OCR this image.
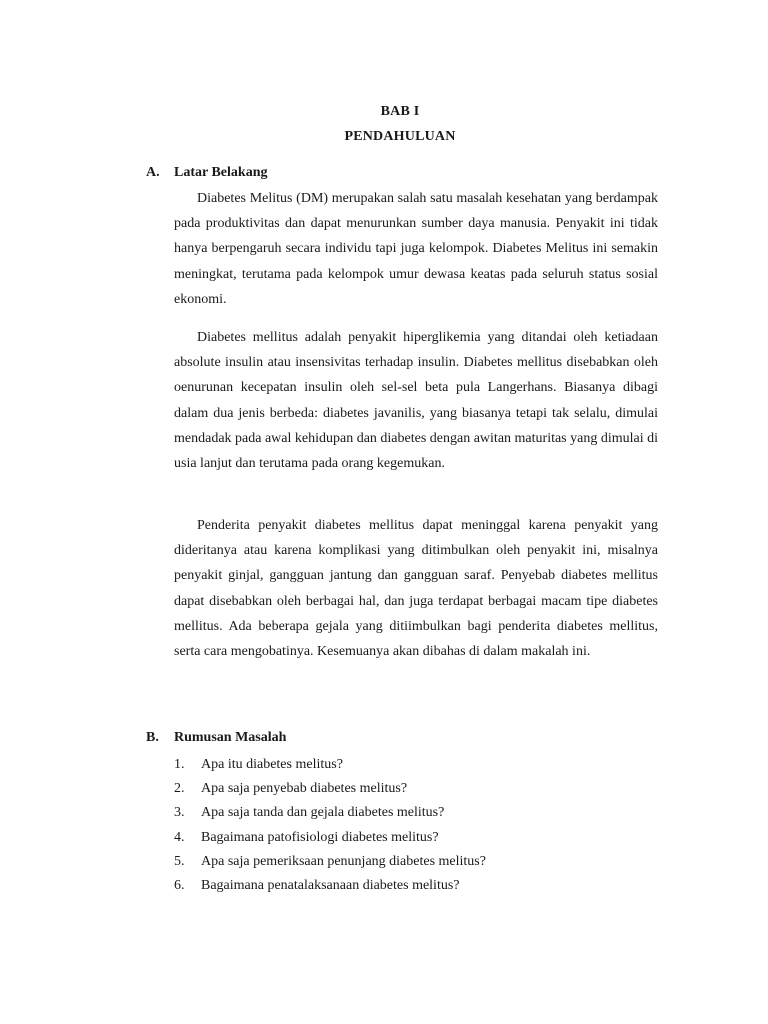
BAB I
PENDAHULUAN
A. Latar Belakang

Diabetes Melitus (DM) merupakan salah satu masalah kesehatan yang berdampak pada produktivitas dan dapat menurunkan sumber daya manusia. Penyakit ini tidak hanya berpengaruh secara individu tapi juga kelompok. Diabetes Melitus ini semakin meningkat, terutama pada kelompok umur dewasa keatas pada seluruh status sosial ekonomi.

Diabetes mellitus adalah penyakit hiperglikemia yang ditandai oleh ketiadaan absolute insulin atau insensivitas terhadap insulin. Diabetes mellitus disebabkan oleh oenurunan kecepatan insulin oleh sel-sel beta pula Langerhans. Biasanya dibagi dalam dua jenis berbeda: diabetes javanilis, yang biasanya tetapi tak selalu, dimulai mendadak pada awal kehidupan dan diabetes dengan awitan maturitas yang dimulai di usia lanjut dan terutama pada orang kegemukan.

Penderita penyakit diabetes mellitus dapat meninggal karena penyakit yang dideritanya atau karena komplikasi yang ditimbulkan oleh penyakit ini, misalnya penyakit ginjal, gangguan jantung dan gangguan saraf. Penyebab diabetes mellitus dapat disebabkan oleh berbagai hal, dan juga terdapat berbagai macam tipe diabetes mellitus. Ada beberapa gejala yang ditiimbulkan bagi penderita diabetes mellitus, serta cara mengobatinya. Kesemuanya akan dibahas di dalam makalah ini.

B. Rumusan Masalah
1. Apa itu diabetes melitus?
2. Apa saja penyebab diabetes melitus?
3. Apa saja tanda dan gejala diabetes melitus?
4. Bagaimana patofisiologi diabetes melitus?
5. Apa saja pemeriksaan penunjang diabetes melitus?
6. Bagaimana penatalaksanaan diabetes melitus?
